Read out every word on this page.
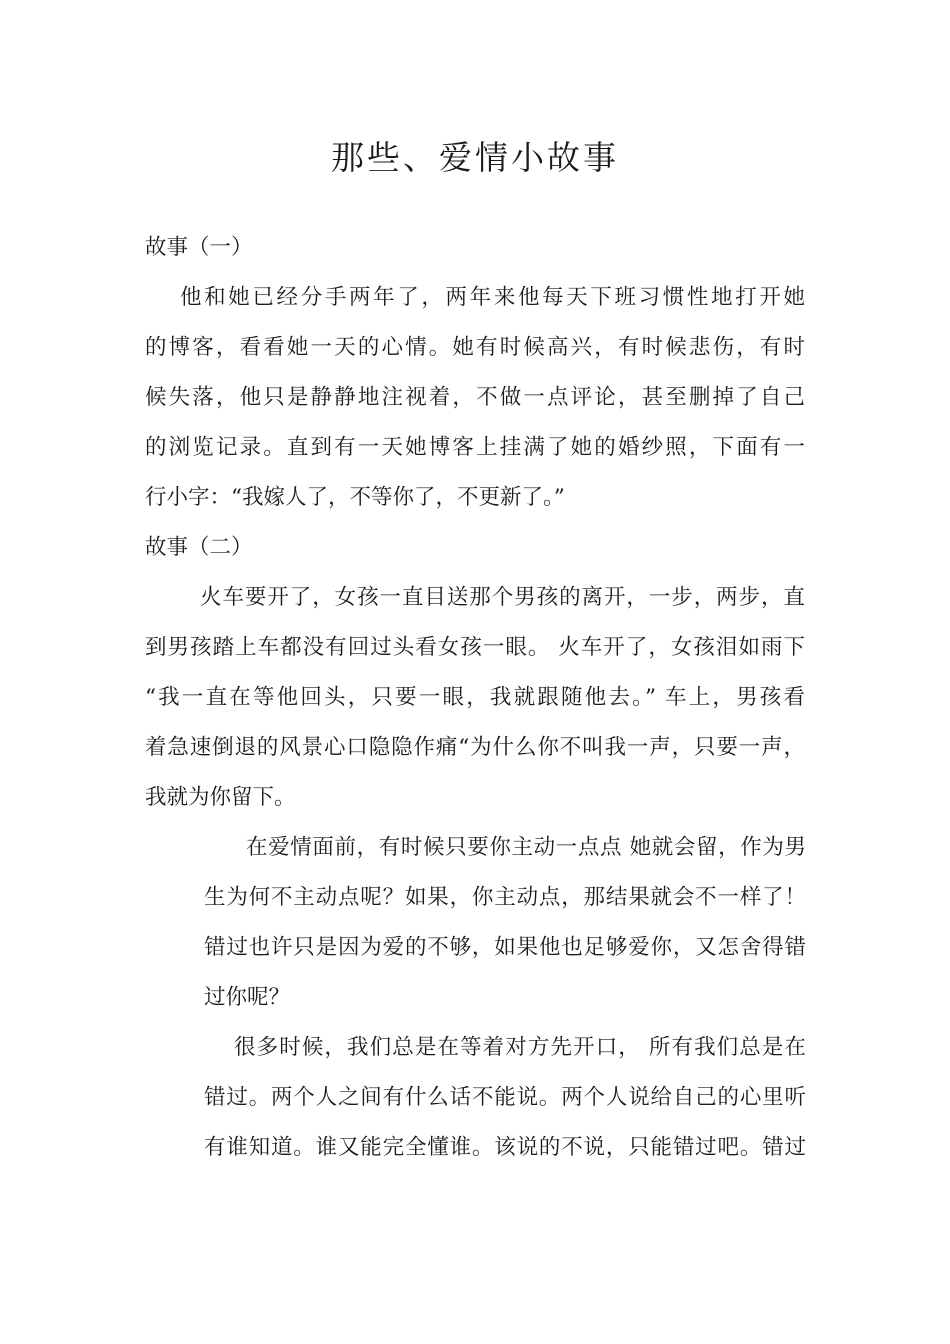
那些、爱情小故事

故事（一）

他和她已经分手两年了，两年来他每天下班习惯性地打开她

的博客，看看她一天的心情。她有时候高兴，有时候悲伤，有时

候失落，他只是静静地注视着，不做一点评论，甚至删掉了自己

的浏览记录。直到有一天她博客上挂满了她的婚纱照，下面有一

行小字：“我嫁人了，不等你了，不更新了。”

故事（二）

火车要开了，女孩一直目送那个男孩的离开，一步，两步，直

到男孩踏上车都没有回过头看女孩一眼。 火车开了，女孩泪如雨下

“我一直在等他回头，只要一眼，我就跟随他去。” 车上，男孩看

着急速倒退的风景心口隐隐作痛“为什么你不叫我一声，只要一声，

我就为你留下。

在爱情面前，有时候只要你主动一点点 她就会留，作为男

生为何不主动点呢？如果，你主动点，那结果就会不一样了！

错过也许只是因为爱的不够，如果他也足够爱你，又怎舍得错

过你呢？

很多时候，我们总是在等着对方先开口， 所有我们总是在

错过。两个人之间有什么话不能说。两个人说给自己的心里听

有谁知道。谁又能完全懂谁。该说的不说，只能错过吧。错过
